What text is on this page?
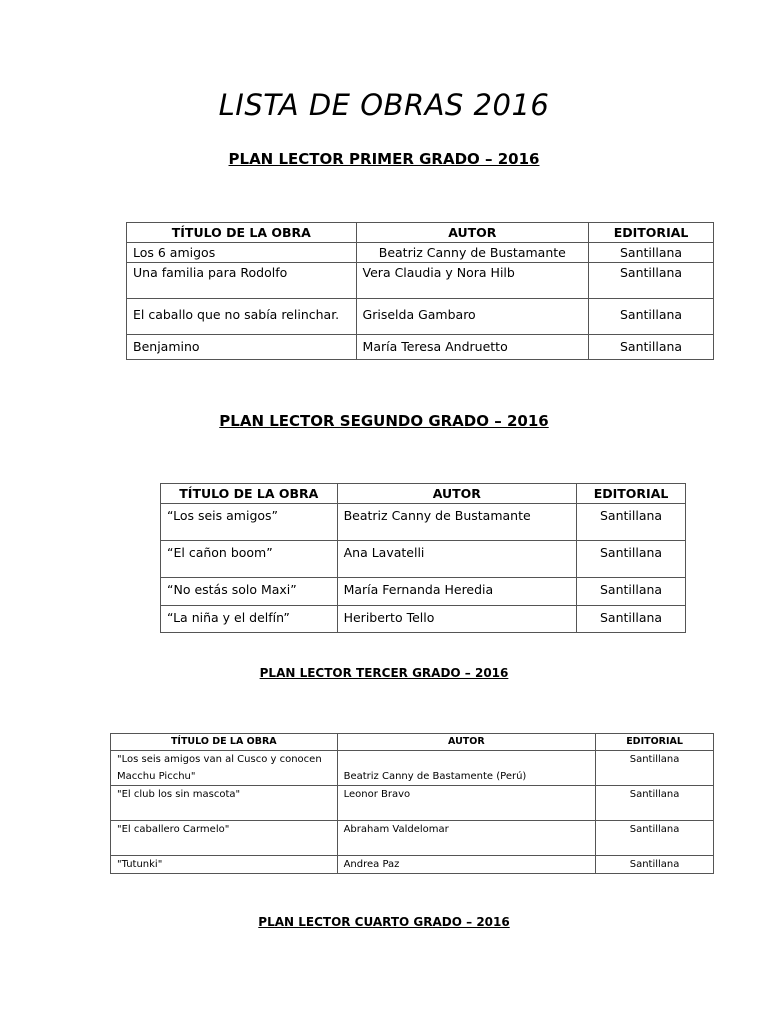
LISTA DE OBRAS 2016
PLAN LECTOR PRIMER GRADO – 2016
TÍTULO DE LA OBRA	AUTOR	EDITORIAL
Los 6 amigos	Beatriz Canny de Bustamante	Santillana
Una familia para Rodolfo	Vera Claudia y Nora Hilb	Santillana
El caballo que no sabía relinchar.	Griselda Gambaro	Santillana
Benjamino	María Teresa Andruetto	Santillana
PLAN LECTOR SEGUNDO GRADO – 2016
TÍTULO DE LA OBRA	AUTOR	EDITORIAL
“Los seis amigos”	Beatriz Canny de Bustamante	Santillana
“El cañon boom”	Ana Lavatelli	Santillana
“No estás solo Maxi”	María Fernanda Heredia	Santillana
“La niña y el delfín”	Heriberto Tello	Santillana
PLAN LECTOR TERCER GRADO – 2016
TÍTULO DE LA OBRA	AUTOR	EDITORIAL
"Los seis amigos van al Cusco y conocen Macchu Picchu"	Beatriz Canny de Bastamente (Perú)	Santillana
"El club los sin mascota"	Leonor Bravo	Santillana
"El caballero Carmelo"	Abraham Valdelomar	Santillana
"Tutunki"	Andrea Paz	Santillana
PLAN LECTOR CUARTO GRADO – 2016
